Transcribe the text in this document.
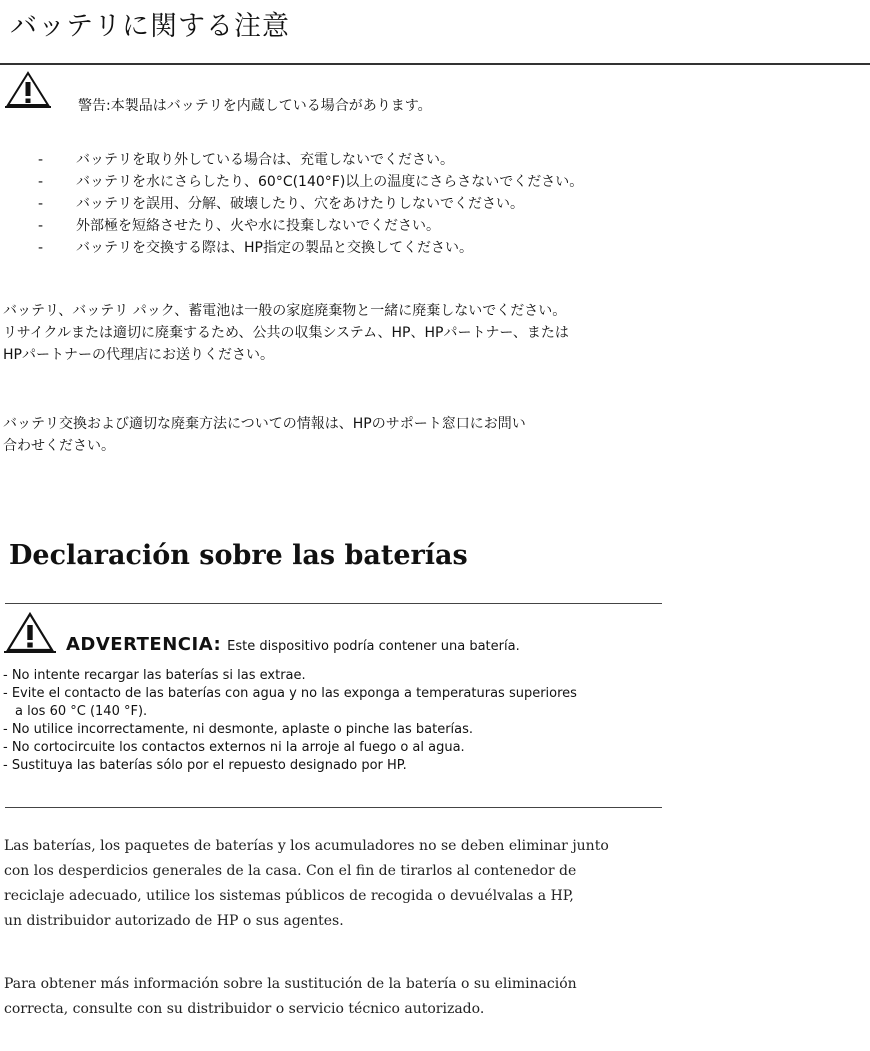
バッテリに関する注意

警告:本製品はバッテリを内蔵している場合があります。

- バッテリを取り外している場合は、充電しないでください。
- バッテリを水にさらしたり、60°C(140°F)以上の温度にさらさないでください。
- バッテリを誤用、分解、破壊したり、穴をあけたりしないでください。
- 外部極を短絡させたり、火や水に投棄しないでください。
- バッテリを交換する際は、HP指定の製品と交換してください。

バッテリ、バッテリ パック、蓄電池は一般の家庭廃棄物と一緒に廃棄しないでください。
リサイクルまたは適切に廃棄するため、公共の収集システム、HP、HPパートナー、または
HPパートナーの代理店にお送りください。

バッテリ交換および適切な廃棄方法についての情報は、HPのサポート窓口にお問い
合わせください。

Declaración sobre las baterías

ADVERTENCIA: Este dispositivo podría contener una batería.

- No intente recargar las baterías si las extrae.
- Evite el contacto de las baterías con agua y no las exponga a temperaturas superiores
a los 60 °C (140 °F).
- No utilice incorrectamente, ni desmonte, aplaste o pinche las baterías.
- No cortocircuite los contactos externos ni la arroje al fuego o al agua.
- Sustituya las baterías sólo por el repuesto designado por HP.

Las baterías, los paquetes de baterías y los acumuladores no se deben eliminar junto
con los desperdicios generales de la casa. Con el fin de tirarlos al contenedor de
reciclaje adecuado, utilice los sistemas públicos de recogida o devuélvalas a HP,
un distribuidor autorizado de HP o sus agentes.

Para obtener más información sobre la sustitución de la batería o su eliminación
correcta, consulte con su distribuidor o servicio técnico autorizado.
